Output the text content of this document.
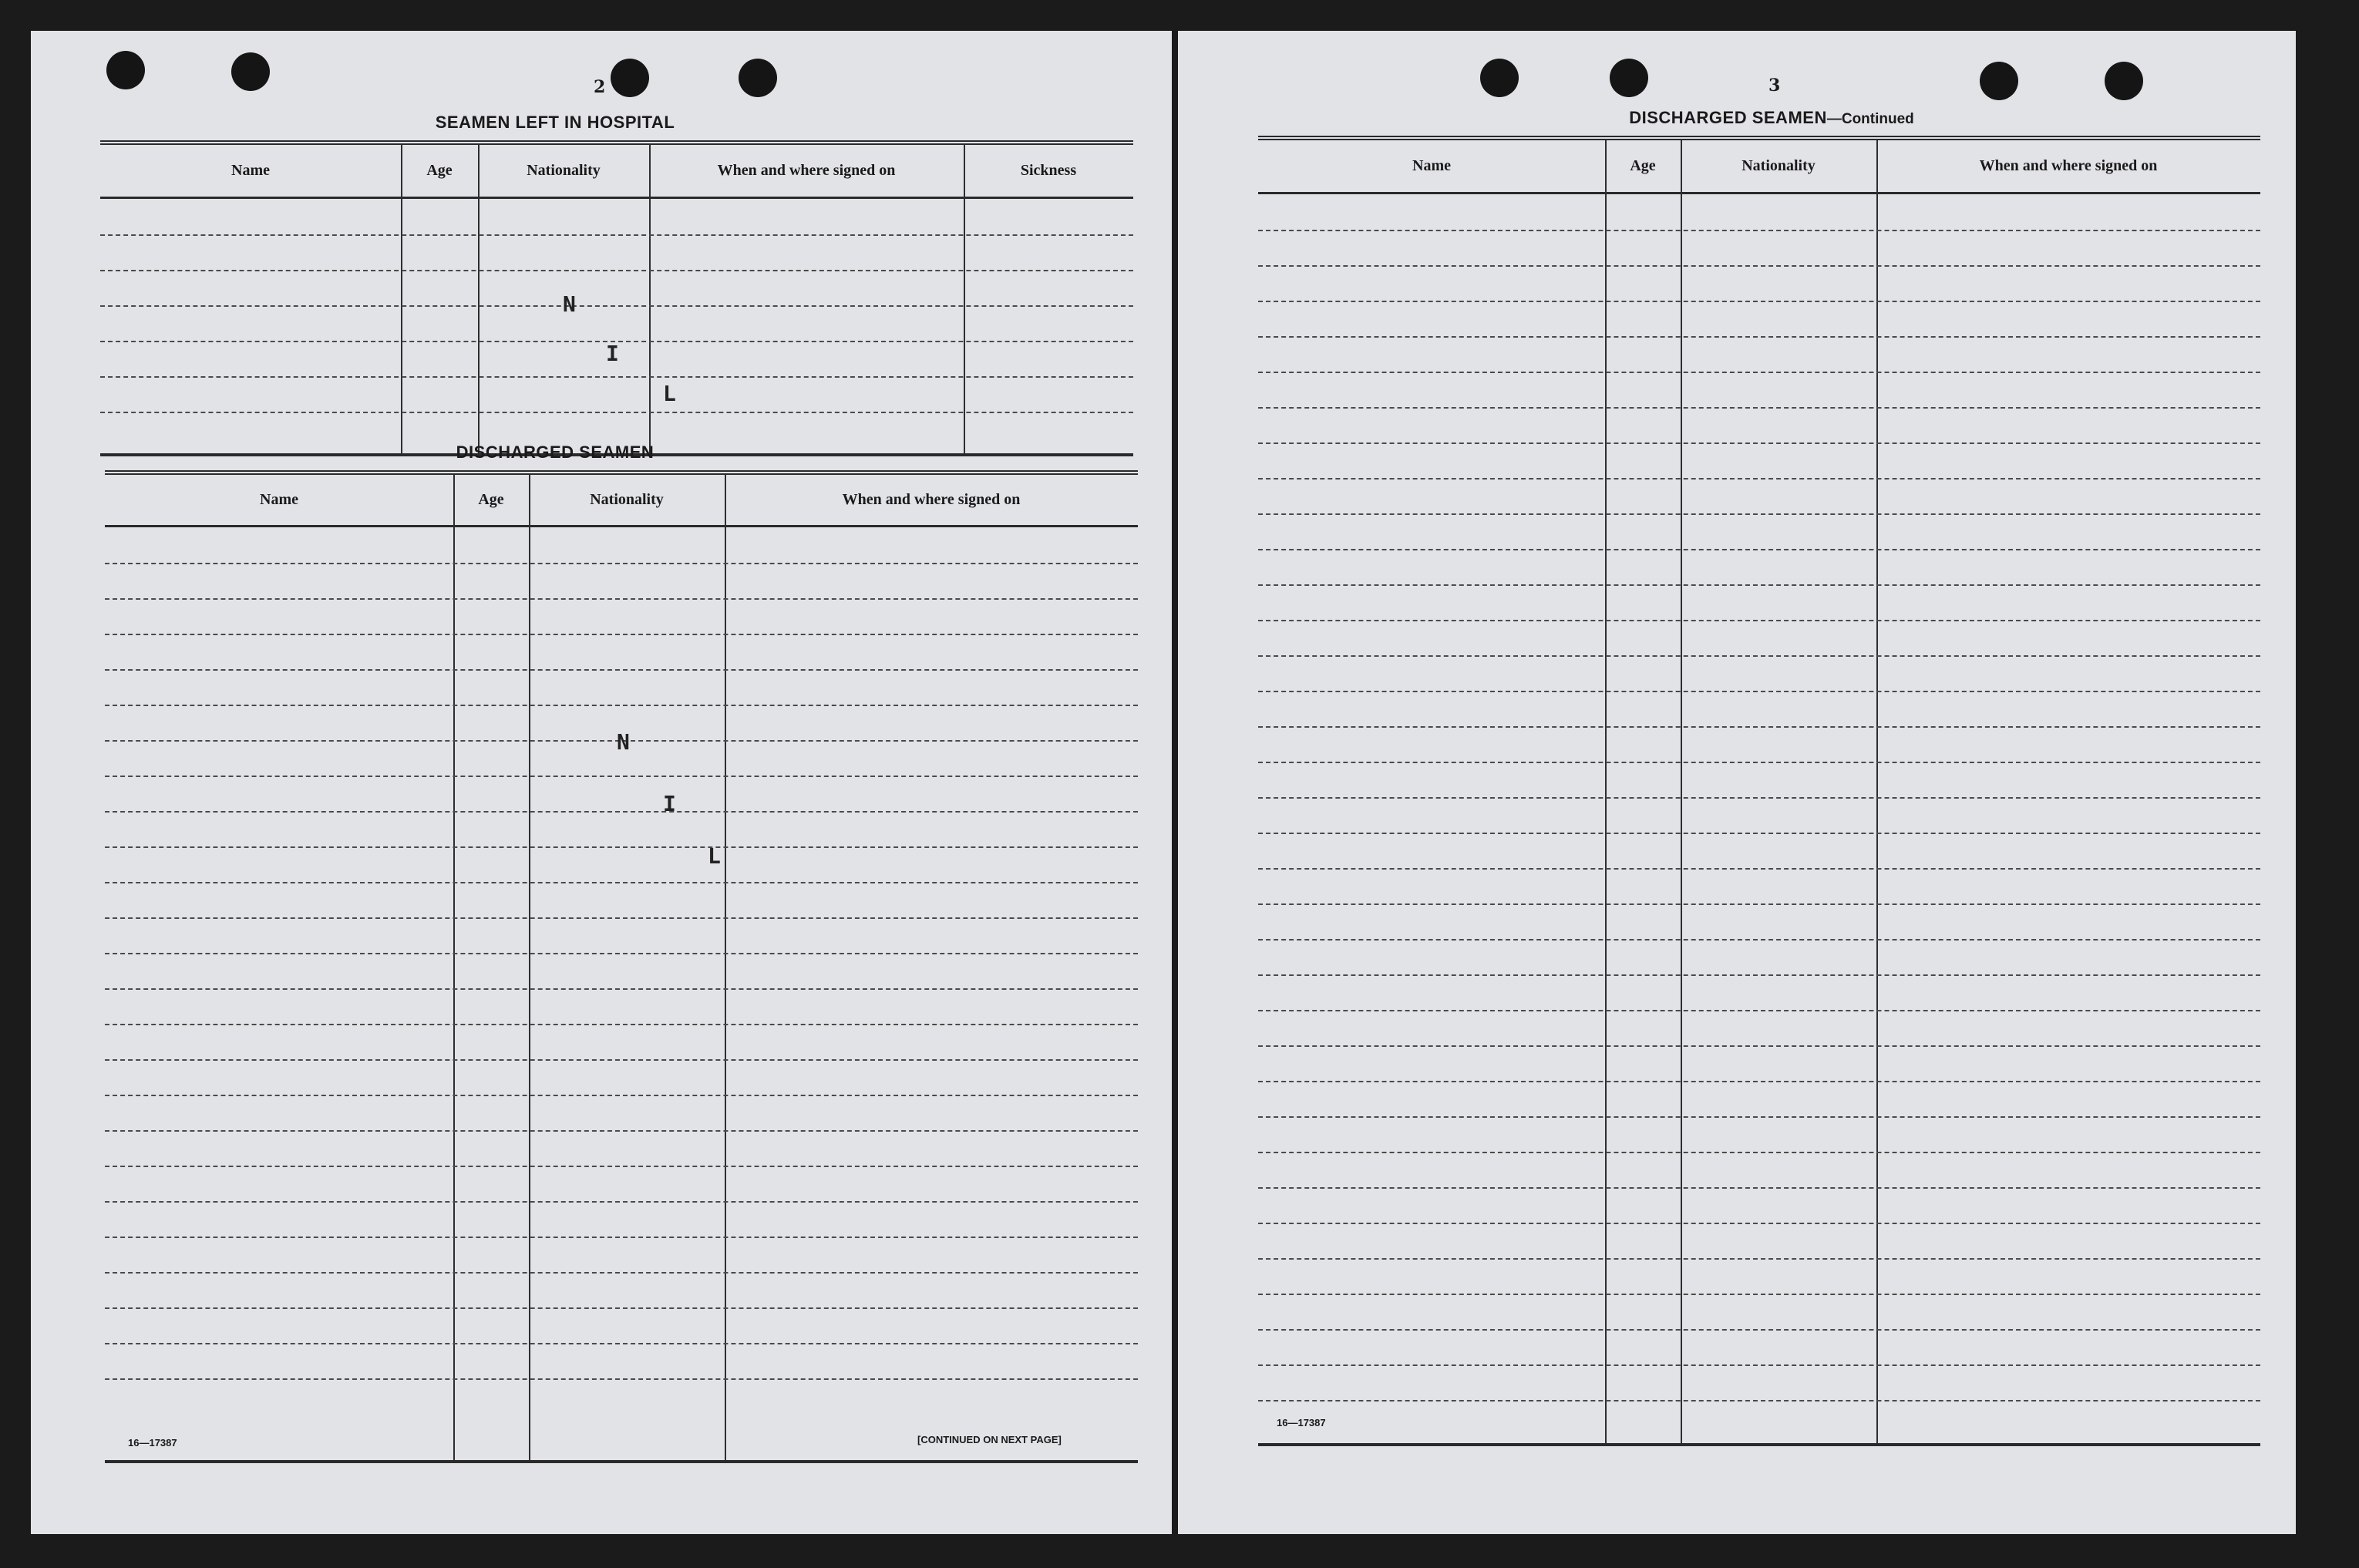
2
SEAMEN LEFT IN HOSPITAL
Name	Age	Nationality	When and where signed on	Sickness
N
I
L
DISCHARGED SEAMEN
Name	Age	Nationality	When and where signed on
N
I
L
16—17387	[CONTINUED ON NEXT PAGE]
3
DISCHARGED SEAMEN—Continued
Name	Age	Nationality	When and where signed on
16—17387
